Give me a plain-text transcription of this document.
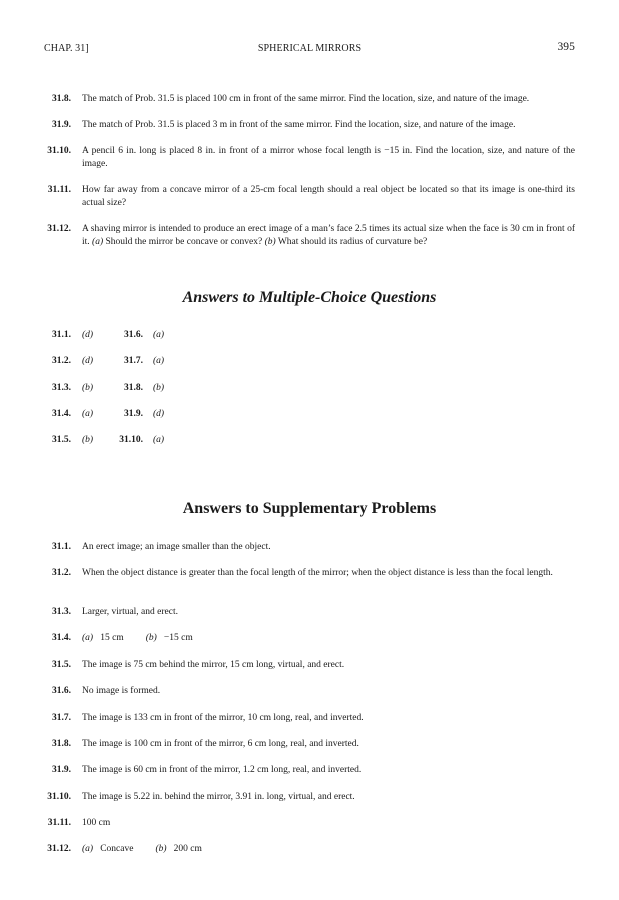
CHAP. 31]	SPHERICAL MIRRORS	395
31.8. The match of Prob. 31.5 is placed 100 cm in front of the same mirror. Find the location, size, and nature of the image.
31.9. The match of Prob. 31.5 is placed 3 m in front of the same mirror. Find the location, size, and nature of the image.
31.10. A pencil 6 in. long is placed 8 in. in front of a mirror whose focal length is −15 in. Find the location, size, and nature of the image.
31.11. How far away from a concave mirror of a 25-cm focal length should a real object be located so that its image is one-third its actual size?
31.12. A shaving mirror is intended to produce an erect image of a man’s face 2.5 times its actual size when the face is 30 cm in front of it. (a) Should the mirror be concave or convex? (b) What should its radius of curvature be?
Answers to Multiple-Choice Questions
31.1. (d)	31.6. (a)
31.2. (d)	31.7. (a)
31.3. (b)	31.8. (b)
31.4. (a)	31.9. (d)
31.5. (b)	31.10. (a)
Answers to Supplementary Problems
31.1. An erect image; an image smaller than the object.
31.2. When the object distance is greater than the focal length of the mirror; when the object distance is less than the focal length.
31.3. Larger, virtual, and erect.
31.4. (a) 15 cm (b) −15 cm
31.5. The image is 75 cm behind the mirror, 15 cm long, virtual, and erect.
31.6. No image is formed.
31.7. The image is 133 cm in front of the mirror, 10 cm long, real, and inverted.
31.8. The image is 100 cm in front of the mirror, 6 cm long, real, and inverted.
31.9. The image is 60 cm in front of the mirror, 1.2 cm long, real, and inverted.
31.10. The image is 5.22 in. behind the mirror, 3.91 in. long, virtual, and erect.
31.11. 100 cm
31.12. (a) Concave (b) 200 cm
